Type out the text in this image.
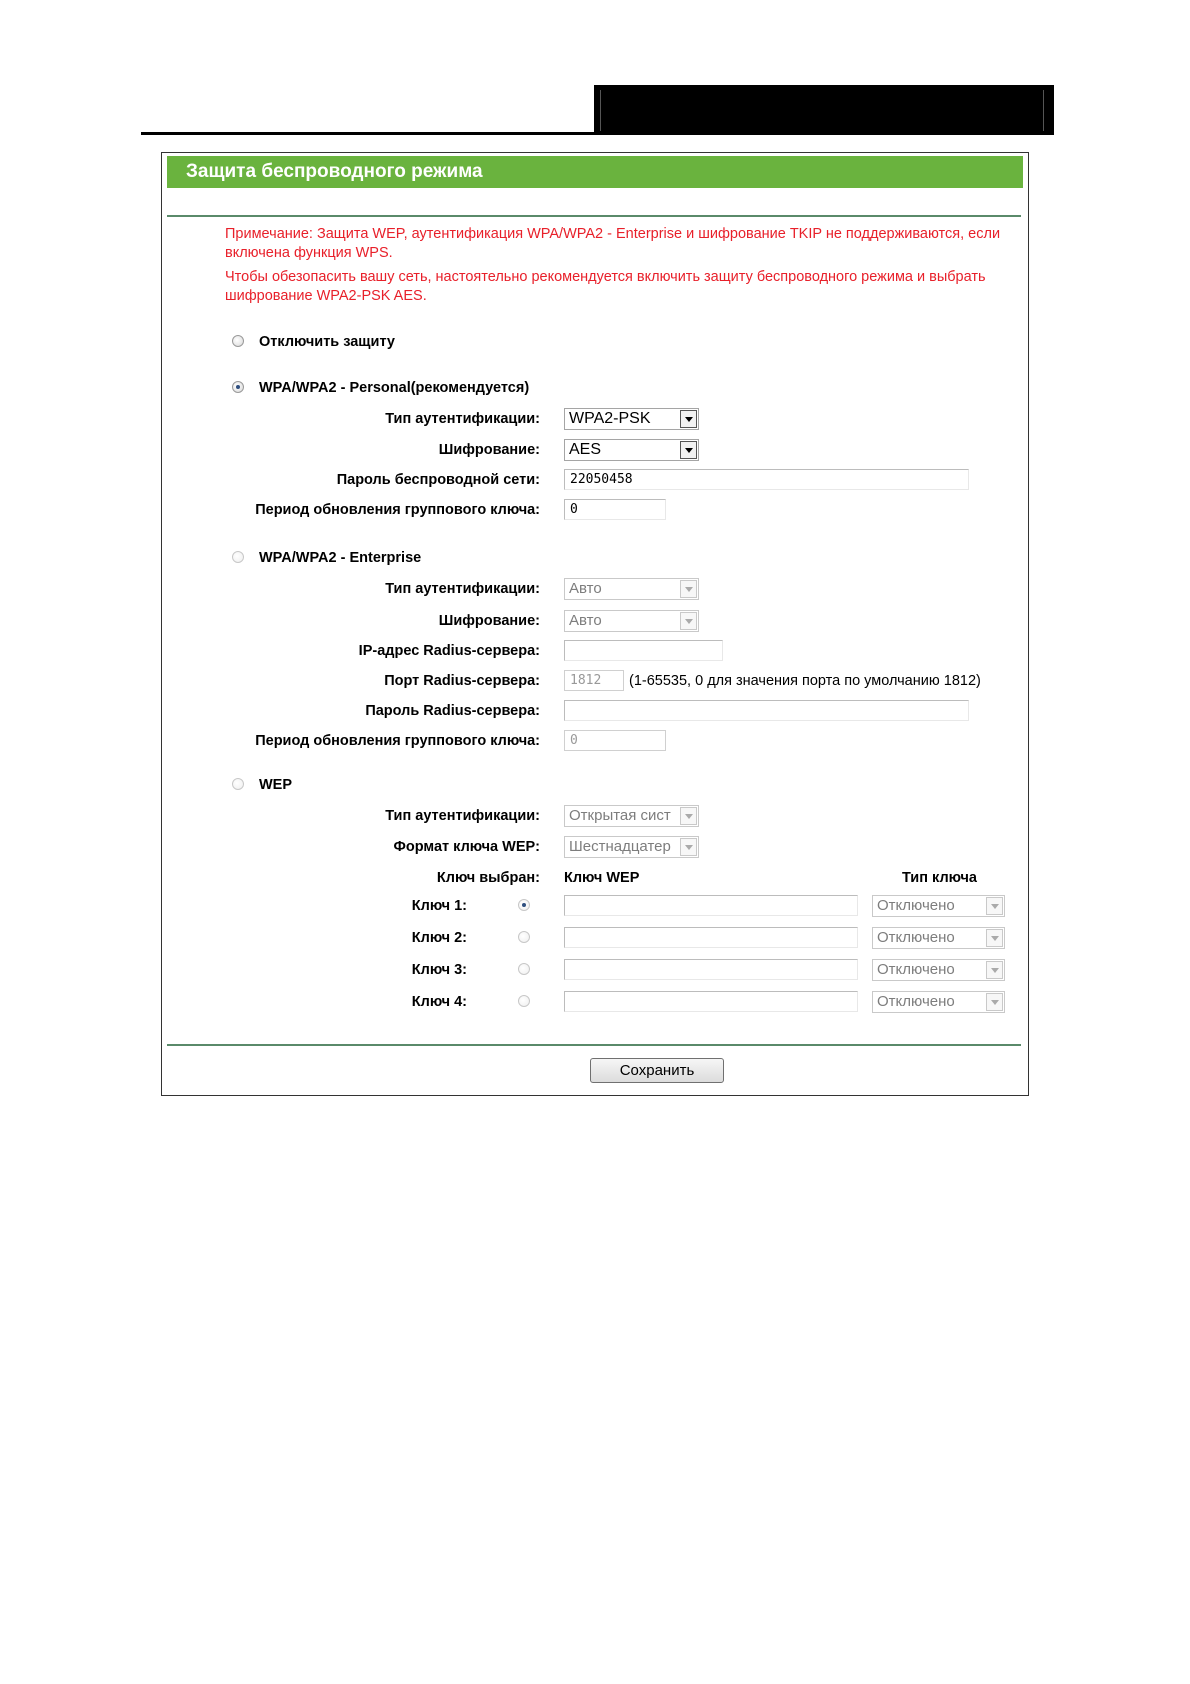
Защита беспроводного режима
Примечание: Защита WEP, аутентификация WPA/WPA2 - Enterprise и шифрование TKIP не поддерживаются, если включена функция WPS.
Чтобы обезопасить вашу сеть, настоятельно рекомендуется включить защиту беспроводного режима и выбрать шифрование WPA2-PSK AES.
Отключить защиту
WPA/WPA2 - Personal(рекомендуется)
Тип аутентификации:	WPA2-PSK
Шифрование:	AES
Пароль беспроводной сети:	22050458
Период обновления группового ключа:	0
WPA/WPA2 - Enterprise
Тип аутентификации:	Авто
Шифрование:	Авто
IP-адрес Radius-сервера:
Порт Radius-сервера:	1812	(1-65535, 0 для значения порта по умолчанию 1812)
Пароль Radius-сервера:
Период обновления группового ключа:	0
WEP
Тип аутентификации:	Открытая сист
Формат ключа WEP:	Шестнадцатер
Ключ выбран: Ключ WEP	Тип ключа
Ключ 1:	Отключено
Ключ 2:	Отключено
Ключ 3:	Отключено
Ключ 4:	Отключено
Сохранить
